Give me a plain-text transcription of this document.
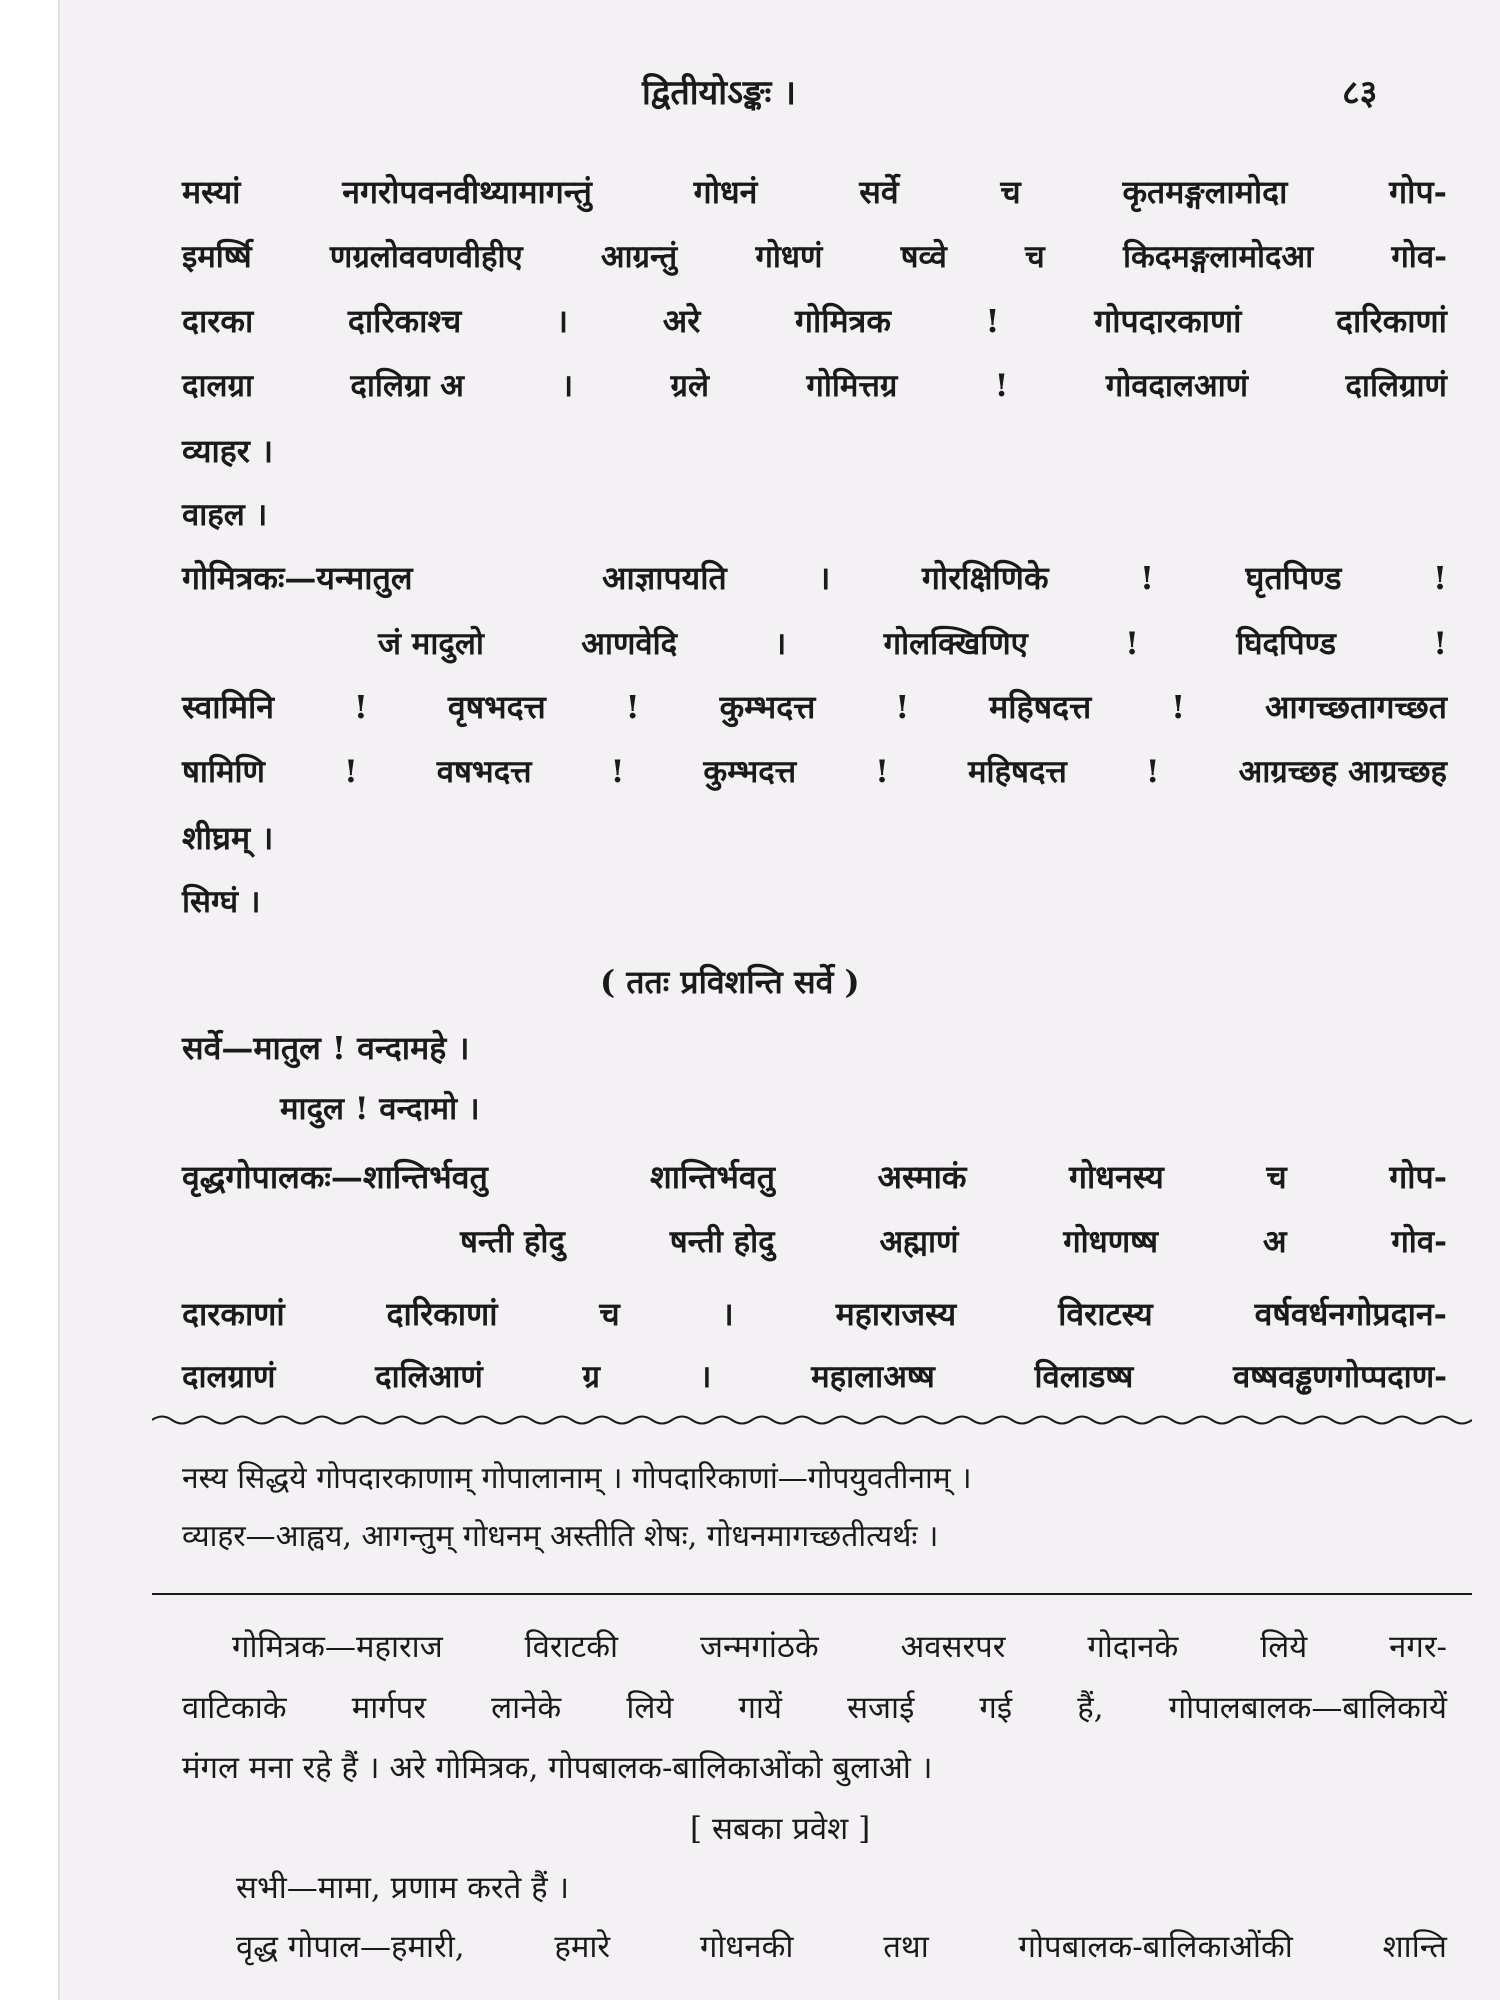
द्वितीयोऽङ्कः ।	८३
मस्यां	नगरोपवनवीथ्यामागन्तुं	गोधनं	सर्वे	च	कृतमङ्गलामोदा	गोप-
इमर्ष्षि	णग्रलोववणवीहीए	आग्रन्तुं	गोधणं	षव्वे	च	किदमङ्गलामोदआ	गोव-
दारका	दारिकाश्च	।	अरे	गोमित्रक	!	गोपदारकाणां	दारिकाणां
दालग्रा	दालिग्रा अ	।	ग्रले	गोमित्तग्र	!	गोवदालआणं	दालिग्राणं
व्याहर ।
वाहल ।
गोमित्रकः—यन्मातुल	आज्ञापयति	।	गोरक्षिणिके	!	घृतपिण्ड	!
जं मादुलो	आणवेदि	।	गोलक्खिणिए	!	घिदपिण्ड	!
स्वामिनि ! वृषभदत्त ! कुम्भदत्त ! महिषदत्त ! आगच्छतागच्छत
षामिणि	!	वषभदत्त	!	कुम्भदत्त	!	महिषदत्त	!	आग्रच्छह आग्रच्छह
शीघ्रम् ।
सिग्घं ।
( ततः प्रविशन्ति सर्वे )
सर्वे—मातुल ! वन्दामहे ।
मादुल ! वन्दामो ।
वृद्धगोपालकः—शान्तिर्भवतु	शान्तिर्भवतु	अस्माकं	गोधनस्य	च	गोप-
षन्ती होदु	षन्ती होदु	अह्माणं	गोधणष्ष	अ	गोव-
दारकाणां	दारिकाणां	च	।	महाराजस्य	विराटस्य	वर्षवर्धनगोप्रदान-
दालग्राणं	दालिआणं	ग्र	।	महालाअष्ष	विलाडष्ष	वष्षवड्ढणगोप्पदाण-
नस्य सिद्धये गोपदारकाणाम् गोपालानाम् । गोपदारिकाणां—गोपयुवतीनाम् ।
व्याहर—आह्वय, आगन्तुम् गोधनम् अस्तीति शेषः, गोधनमागच्छतीत्यर्थः ।
गोमित्रक—महाराज	विराटकी	जन्मगांठके	अवसरपर	गोदानके	लिये	नगर-
वाटिकाके मार्गपर लानेके लिये गायें सजाई गई हैं, गोपालबालक—बालिकायें
मंगल मना रहे हैं । अरे गोमित्रक, गोपबालक-बालिकाओंको बुलाओ ।
[ सबका प्रवेश ]
सभी—मामा, प्रणाम करते हैं ।
वृद्ध गोपाल—हमारी,	हमारे	गोधनकी	तथा	गोपबालक-बालिकाओंकी	शान्ति
